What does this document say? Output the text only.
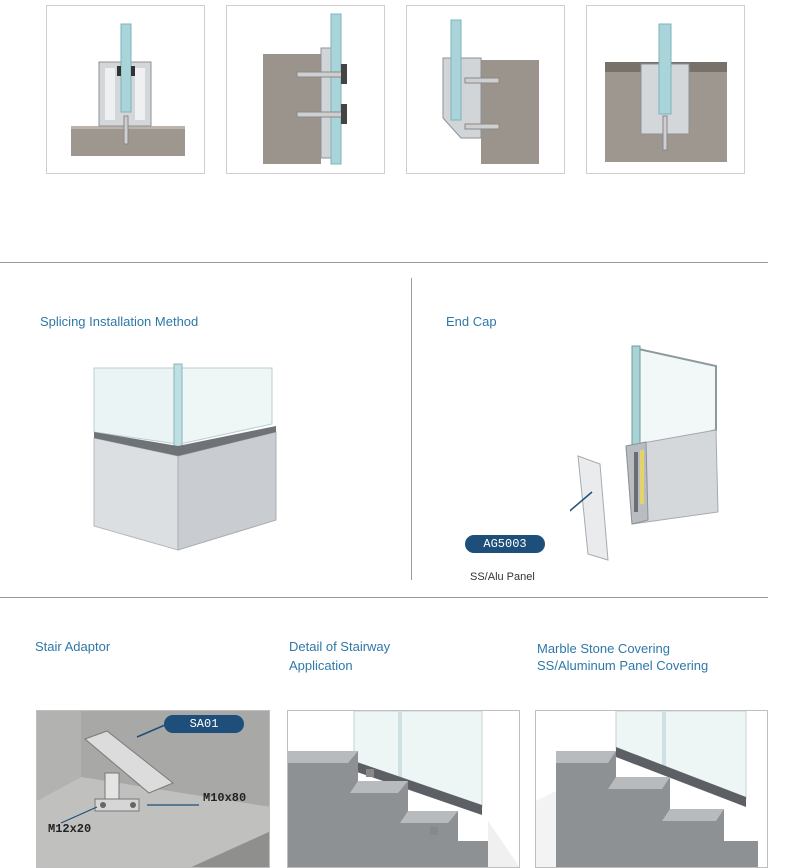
Splicing Installation Method	End Cap
AG5003
SS/Alu Panel
Stair Adaptor	Detail of Stairway
Application
Marble Stone Covering
SS/Aluminum Panel Covering
SA01
M12x20
M10x80
